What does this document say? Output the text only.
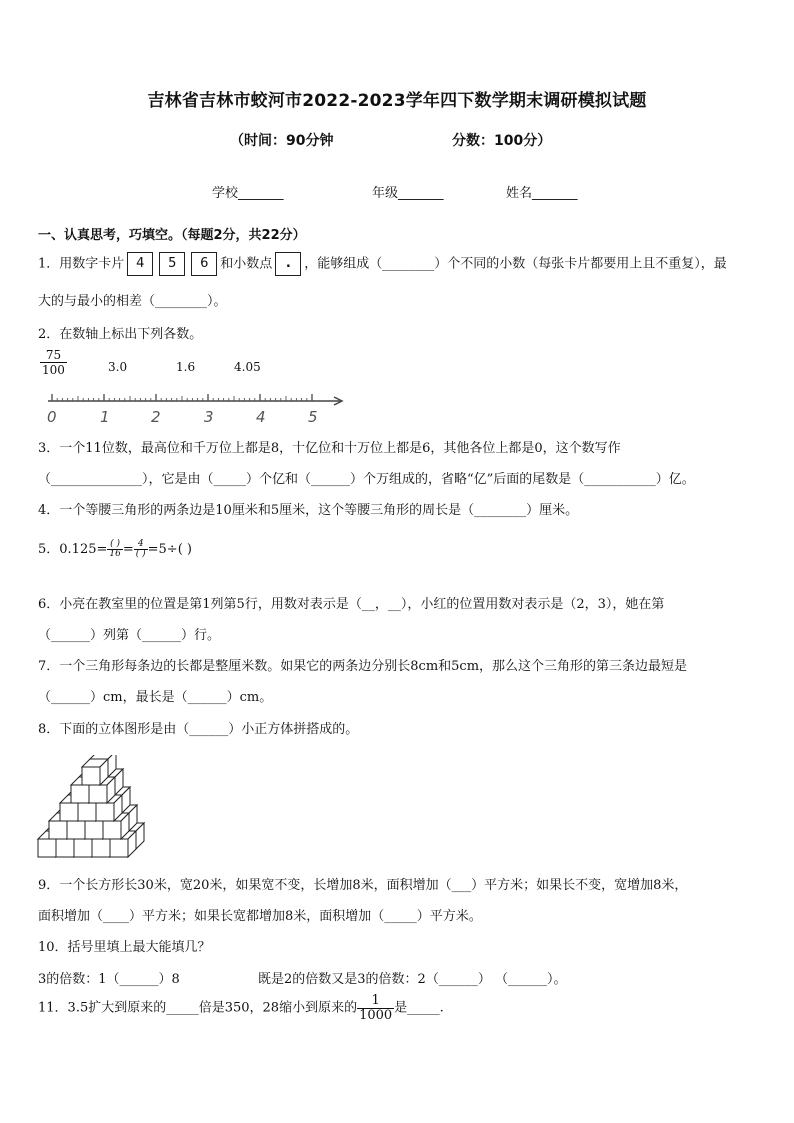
吉林省吉林市蛟河市2022-2023学年四下数学期末调研模拟试题
（时间：90分钟	分数：100分）
学校_______	年级_______	姓名_______
一、认真思考，巧填空。（每题2分，共22分）
1．用数字卡片 4 5 6 和小数点 . ，能够组成（________）个不同的小数（每张卡片都要用上且不重复），最
大的与最小的相差（________）。
2．在数轴上标出下列各数。
$\frac{75}{100}$	3.0	1.6	4.05
0	1	2	3	4	5
3．一个11位数，最高位和千万位上都是8，十亿位和十万位上都是6，其他各位上都是0，这个数写作
（______________），它是由（_____）个亿和（______）个万组成的，省略“亿”后面的尾数是（___________）亿。
4．一个等腰三角形的两条边是10厘米和5厘米，这个等腰三角形的周长是（________）厘米。
5．$0.125= \frac{( )}{16} = \frac{4}{( )} =5\div$( )
6．小亮在教室里的位置是第1列第5行，用数对表示是（__，__），小红的位置用数对表示是（2，3），她在第
（______）列第（______）行。
7．一个三角形每条边的长都是整厘米数。如果它的两条边分别长8cm和5cm，那么这个三角形的第三条边最短是
（______）cm，最长是（______）cm。
8．下面的立体图形是由（______）小正方体拼搭成的。
9．一个长方形长30米，宽20米，如果宽不变，长增加8米，面积增加（___）平方米；如果长不变，宽增加8米，
面积增加（____）平方米；如果长宽都增加8米，面积增加（_____）平方米。
10．括号里填上最大能填几？
3的倍数：1（______）8	既是2的倍数又是3的倍数：2（______） （______）。
11．3.5扩大到原来的_____倍是350，28缩小到原来的 $\frac{1}{1000}$ 是_____.
